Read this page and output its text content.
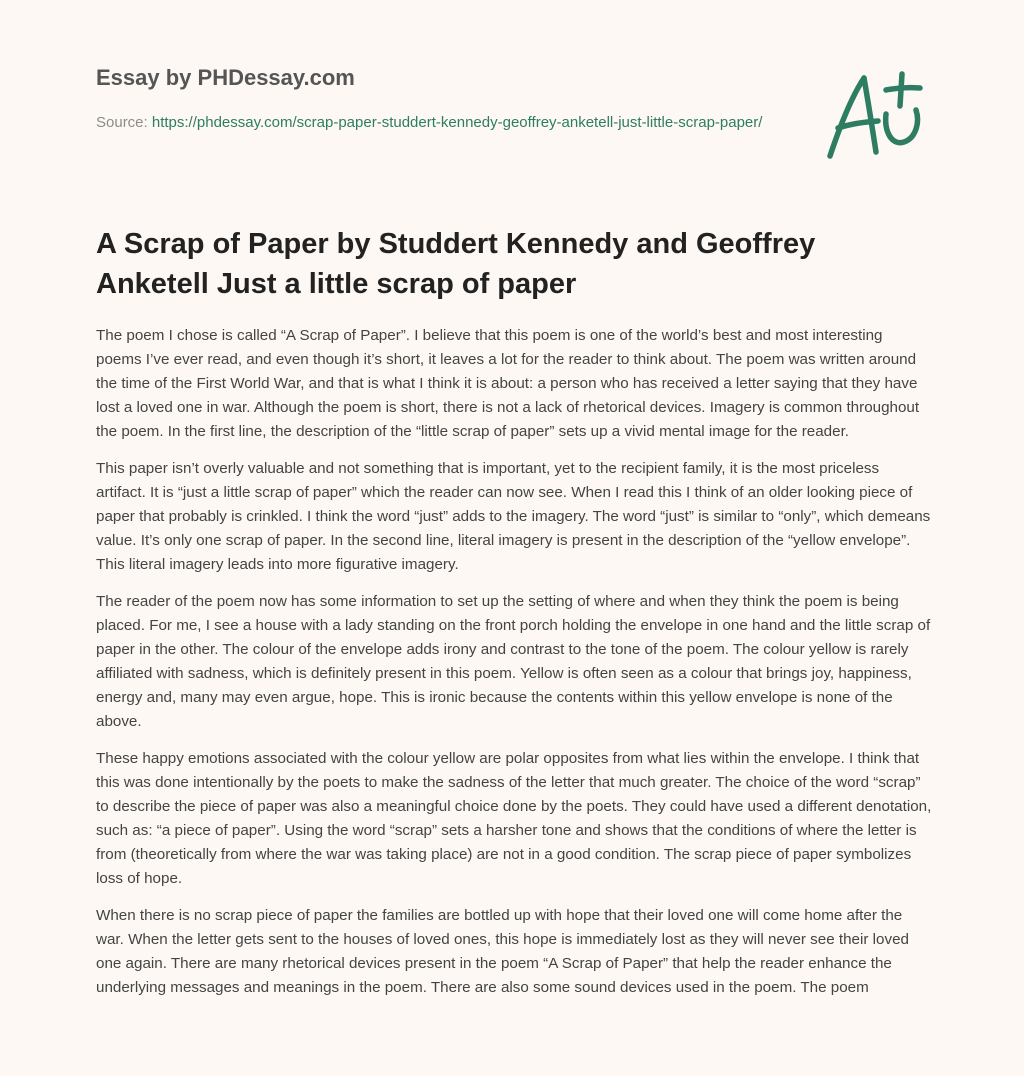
Essay by PHDessay.com
Source: https://phdessay.com/scrap-paper-studdert-kennedy-geoffrey-anketell-just-little-scrap-paper/
A Scrap of Paper by Studdert Kennedy and Geoffrey Anketell Just a little scrap of paper

The poem I chose is called “A Scrap of Paper”. I believe that this poem is one of the world’s best and most interesting poems I’ve ever read, and even though it’s short, it leaves a lot for the reader to think about. The poem was written around the time of the First World War, and that is what I think it is about: a person who has received a letter saying that they have lost a loved one in war. Although the poem is short, there is not a lack of rhetorical devices. Imagery is common throughout the poem. In the first line, the description of the “little scrap of paper” sets up a vivid mental image for the reader.

This paper isn’t overly valuable and not something that is important, yet to the recipient family, it is the most priceless artifact. It is “just a little scrap of paper” which the reader can now see. When I read this I think of an older looking piece of paper that probably is crinkled. I think the word “just” adds to the imagery. The word “just” is similar to “only”, which demeans value. It’s only one scrap of paper. In the second line, literal imagery is present in the description of the “yellow envelope”. This literal imagery leads into more figurative imagery.

The reader of the poem now has some information to set up the setting of where and when they think the poem is being placed. For me, I see a house with a lady standing on the front porch holding the envelope in one hand and the little scrap of paper in the other. The colour of the envelope adds irony and contrast to the tone of the poem. The colour yellow is rarely affiliated with sadness, which is definitely present in this poem. Yellow is often seen as a colour that brings joy, happiness, energy and, many may even argue, hope. This is ironic because the contents within this yellow envelope is none of the above.

These happy emotions associated with the colour yellow are polar opposites from what lies within the envelope. I think that this was done intentionally by the poets to make the sadness of the letter that much greater. The choice of the word “scrap” to describe the piece of paper was also a meaningful choice done by the poets. They could have used a different denotation, such as: “a piece of paper”. Using the word “scrap” sets a harsher tone and shows that the conditions of where the letter is from (theoretically from where the war was taking place) are not in a good condition. The scrap piece of paper symbolizes loss of hope.

When there is no scrap piece of paper the families are bottled up with hope that their loved one will come home after the war. When the letter gets sent to the houses of loved ones, this hope is immediately lost as they will never see their loved one again. There are many rhetorical devices present in the poem “A Scrap of Paper” that help the reader enhance the underlying messages and meanings in the poem. There are also some sound devices used in the poem. The poem
